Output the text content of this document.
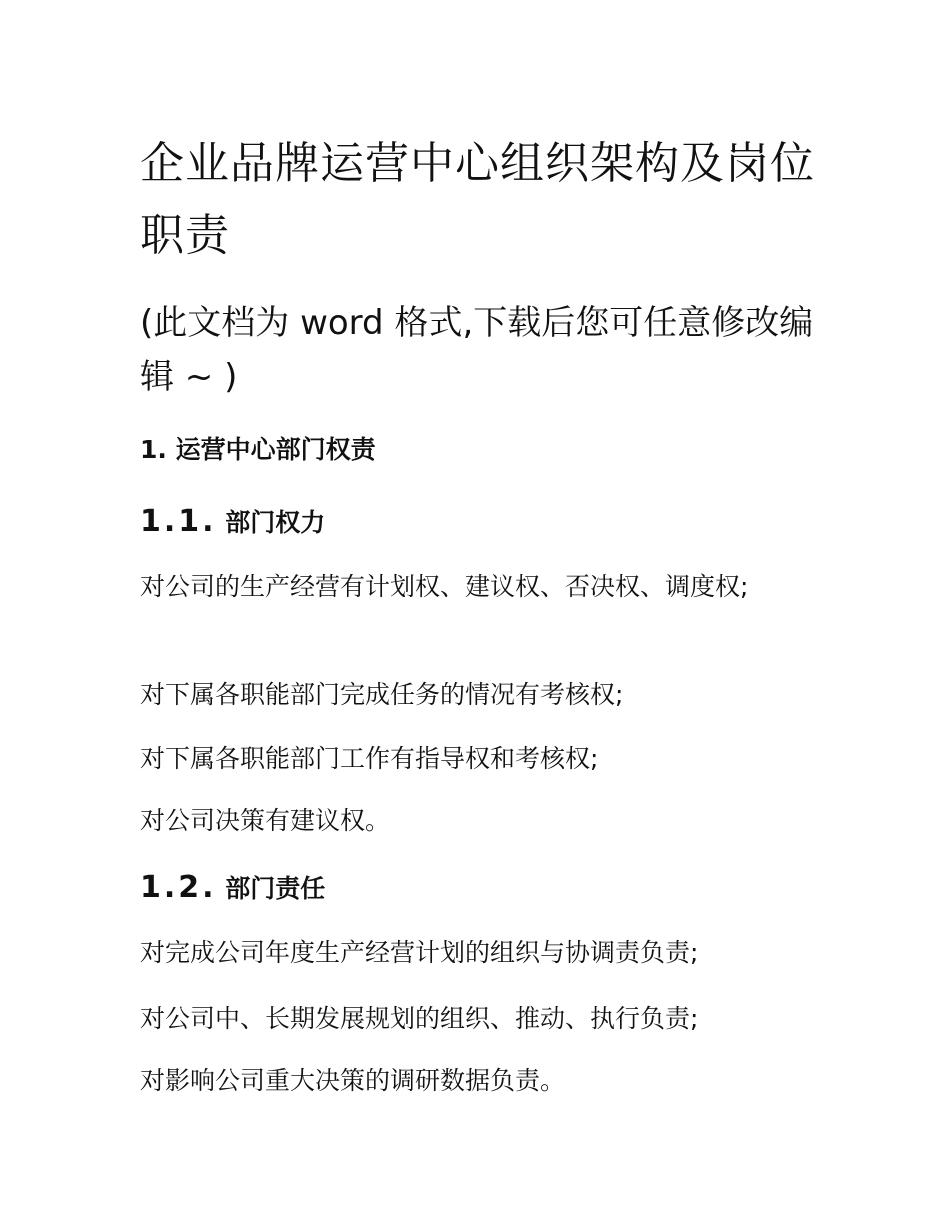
企业品牌运营中心组织架构及岗位职责

(此文档为 word 格式,下载后您可任意修改编辑 ~ )

1. 运营中心部门权责
1.1. 部门权力

对公司的生产经营有计划权、建议权、否决权、调度权;

对下属各职能部门完成任务的情况有考核权;

对下属各职能部门工作有指导权和考核权;

对公司决策有建议权。

1.2. 部门责任

对完成公司年度生产经营计划的组织与协调责负责;

对公司中、长期发展规划的组织、推动、执行负责;

对影响公司重大决策的调研数据负责。
